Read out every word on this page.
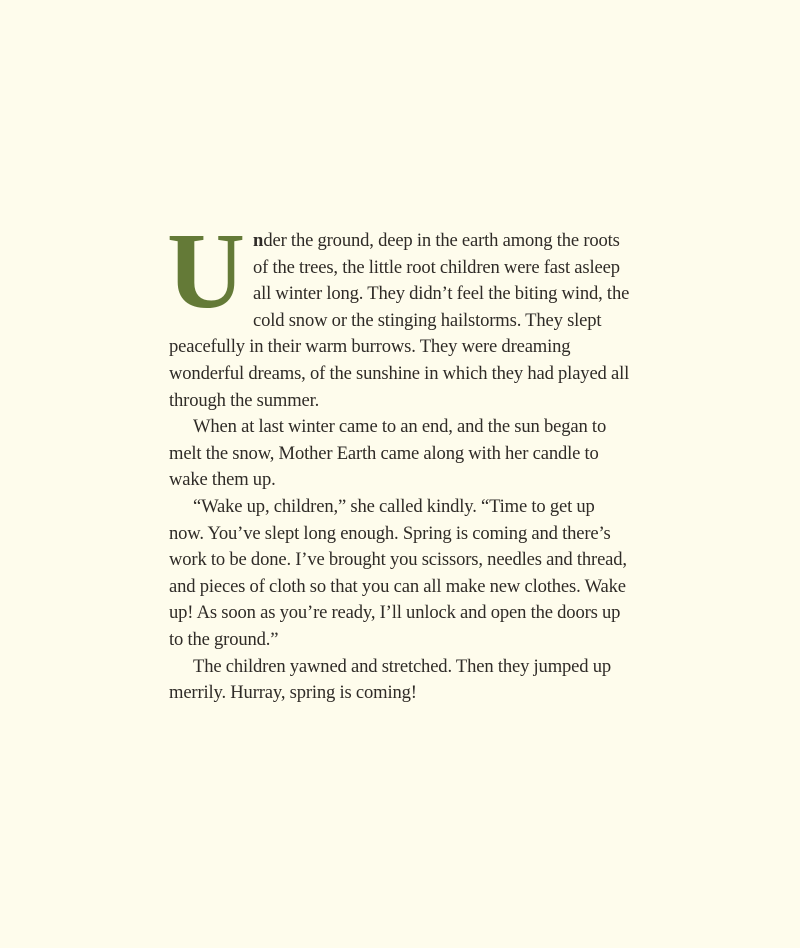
Under the ground, deep in the earth among the roots of the trees, the little root children were fast asleep all winter long. They didn’t feel the biting wind, the cold snow or the stinging hailstorms. They slept peacefully in their warm burrows. They were dreaming wonderful dreams, of the sunshine in which they had played all through the summer.

When at last winter came to an end, and the sun began to melt the snow, Mother Earth came along with her candle to wake them up.

“Wake up, children,” she called kindly. “Time to get up now. You’ve slept long enough. Spring is coming and there’s work to be done. I’ve brought you scissors, needles and thread, and pieces of cloth so that you can all make new clothes. Wake up! As soon as you’re ready, I’ll unlock and open the doors up to the ground.”

The children yawned and stretched. Then they jumped up merrily. Hurray, spring is coming!
